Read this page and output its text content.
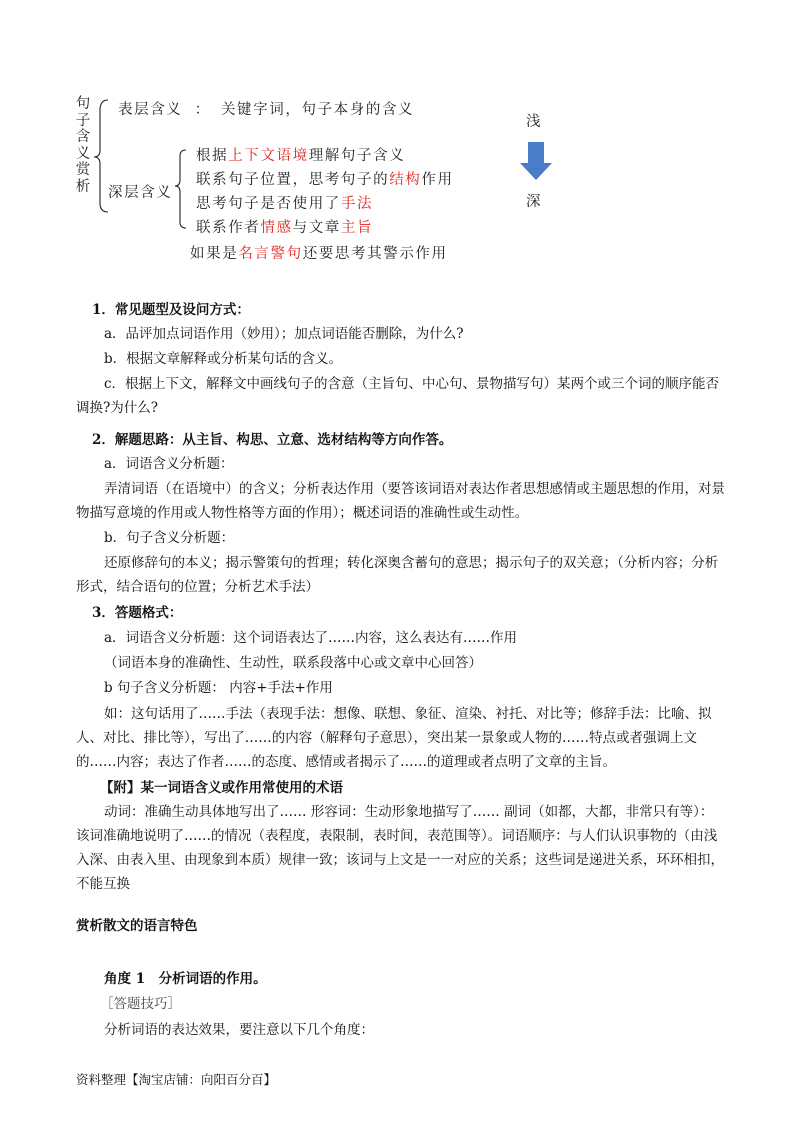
句
子
含
义
赏
析
表层含义 ： 关键字词，句子本身的含义
深层含义
根据上下文语境理解句子含义
联系句子位置，思考句子的结构作用
思考句子是否使用了手法
联系作者情感与文章主旨
如果是名言警句还要思考其警示作用
浅
深
1．常见题型及设问方式：
a．品评加点词语作用（妙用）；加点词语能否删除，为什么?
b．根据文章解释或分析某句话的含义。
c．根据上下文，解释文中画线句子的含意（主旨句、中心句、景物描写句）某两个或三个词的顺序能否调换?为什么?
2．解题思路：从主旨、构思、立意、选材结构等方向作答。
a．词语含义分析题：
弄清词语（在语境中）的含义；分析表达作用（要答该词语对表达作者思想感情或主题思想的作用，对景物描写意境的作用或人物性格等方面的作用）；概述词语的准确性或生动性。
b．句子含义分析题：
还原修辞句的本义；揭示警策句的哲理；转化深奥含蓄句的意思；揭示句子的双关意；（分析内容；分析形式，结合语句的位置；分析艺术手法）
3．答题格式：
a．词语含义分析题：这个词语表达了……内容，这么表达有……作用
（词语本身的准确性、生动性，联系段落中心或文章中心回答）
b 句子含义分析题： 内容+手法+作用
如：这句话用了……手法（表现手法：想像、联想、象征、渲染、衬托、对比等；修辞手法：比喻、拟人、对比、排比等），写出了……的内容（解释句子意思），突出某一景象或人物的……特点或者强调上文的……内容；表达了作者……的态度、感情或者揭示了……的道理或者点明了文章的主旨。
【附】某一词语含义或作用常使用的术语
动词：准确生动具体地写出了…… 形容词：生动形象地描写了…… 副词（如都，大都，非常只有等）：该词准确地说明了……的情况（表程度，表限制，表时间，表范围等）。词语顺序：与人们认识事物的（由浅入深、由表入里、由现象到本质）规律一致；该词与上文是一一对应的关系；这些词是递进关系，环环相扣，不能互换
赏析散文的语言特色
角度 1　分析词语的作用。
［答题技巧］
分析词语的表达效果，要注意以下几个角度：
资料整理【淘宝店铺：向阳百分百】
